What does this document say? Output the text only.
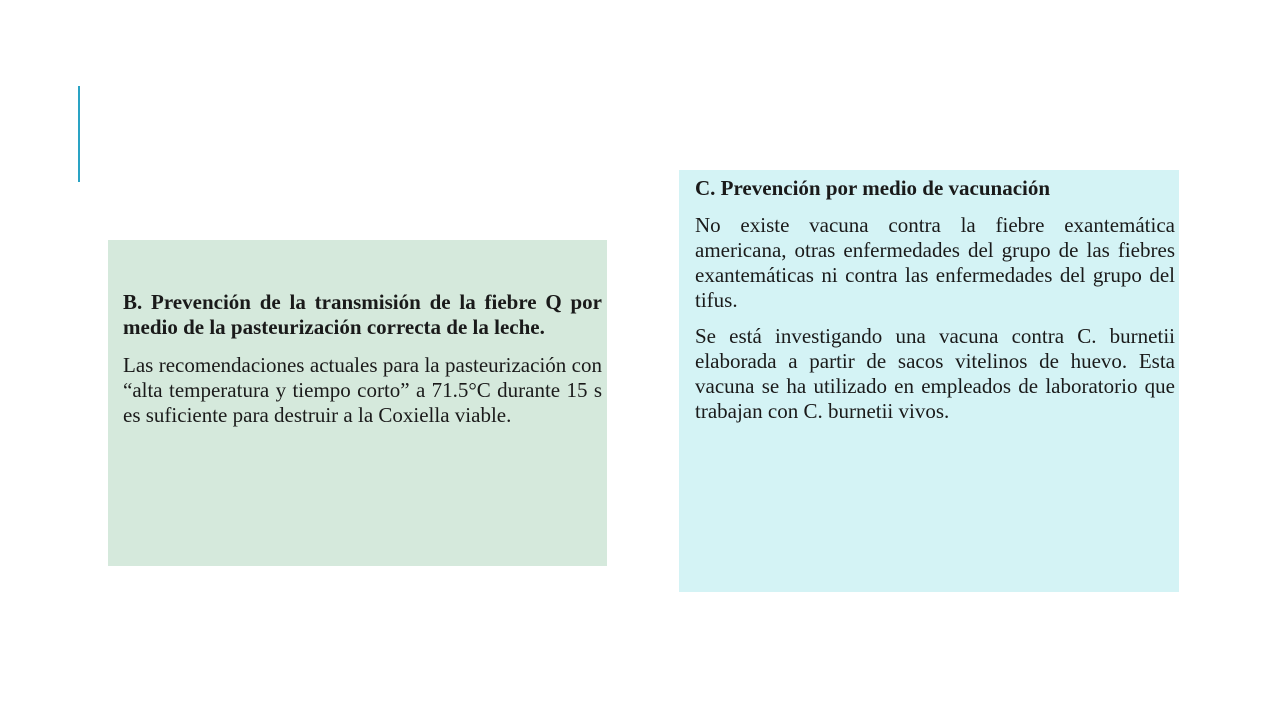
B. Prevención de la transmisión de la fiebre Q por medio de la pasteurización correcta de la leche.

Las recomendaciones actuales para la pasteurización con “alta temperatura y tiempo corto” a 71.5°C durante 15 s es suficiente para destruir a la Coxiella viable.

C. Prevención por medio de vacunación

No existe vacuna contra la fiebre exantemática americana, otras enfermedades del grupo de las fiebres exantemáticas ni contra las enfermedades del grupo del tifus.

Se está investigando una vacuna contra C. burnetii elaborada a partir de sacos vitelinos de huevo. Esta vacuna se ha utilizado en empleados de laboratorio que trabajan con C. burnetii vivos.
